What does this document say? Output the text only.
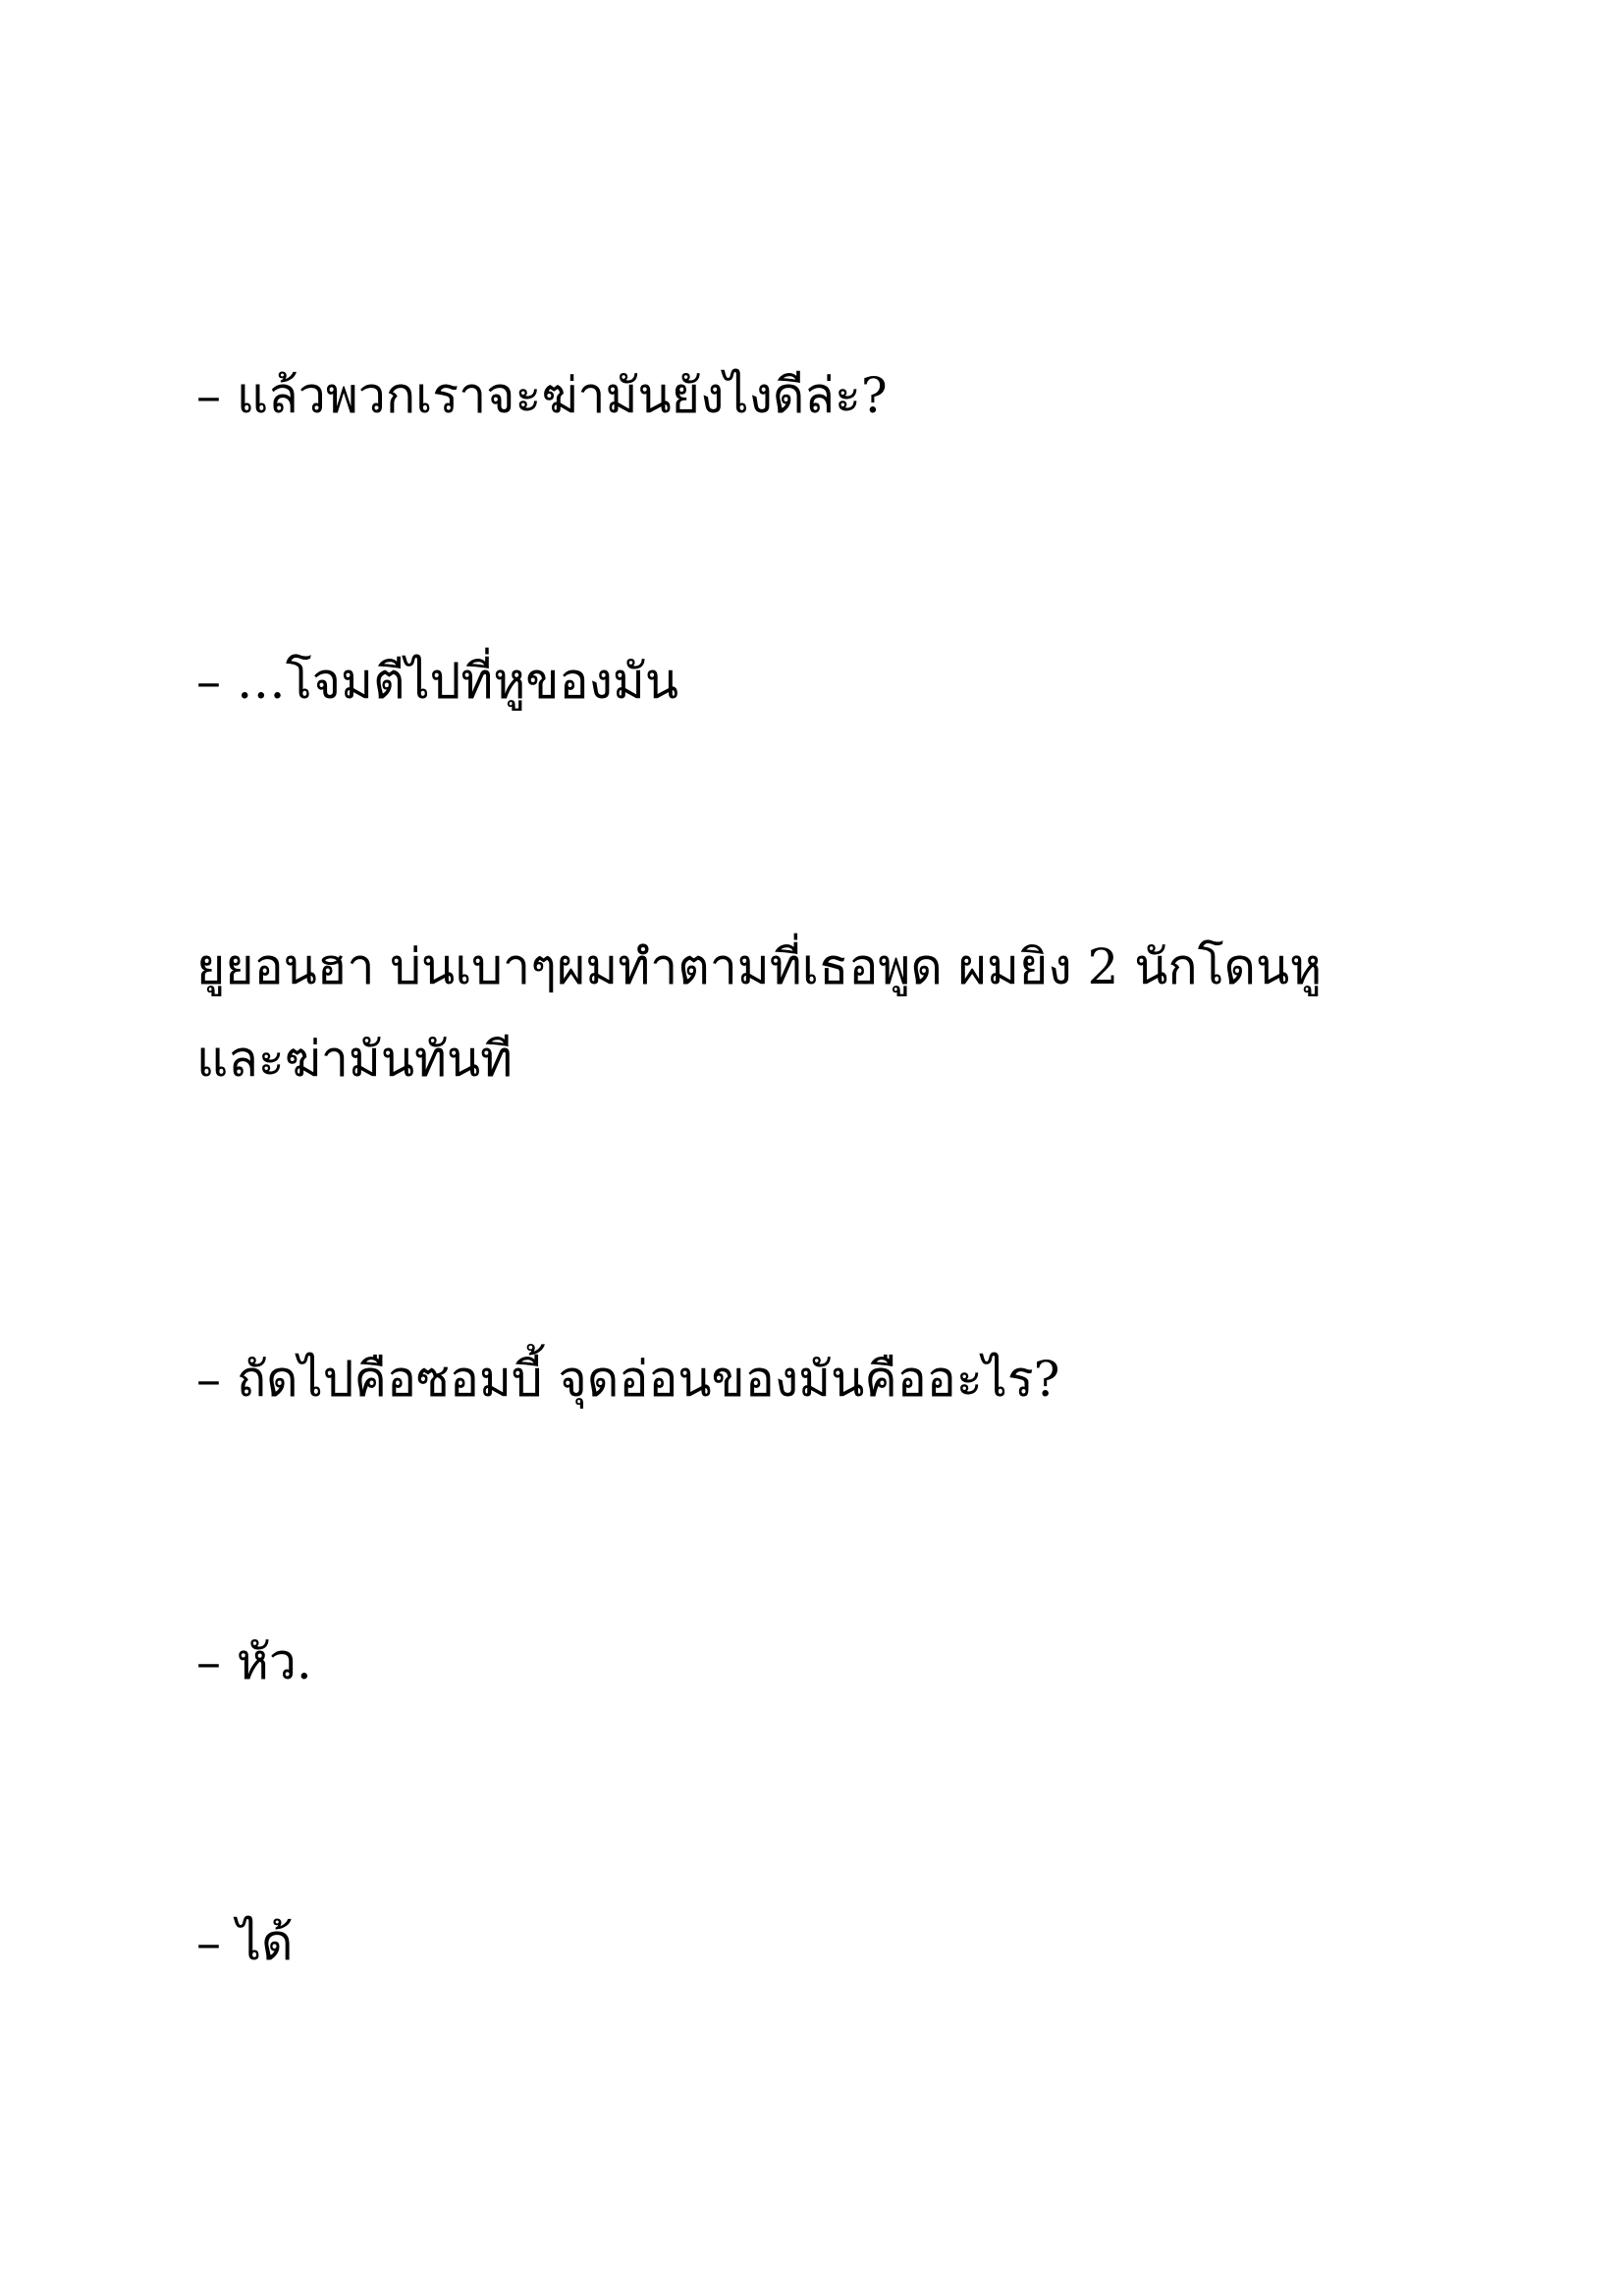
– แล้วพวกเราจะฆ่ามันยังไงดีล่ะ?
– …โจมตีไปที่หูของมัน
ยูยอนฮา บ่นเบาๆผมทำตามที่เธอพูด ผมยิง 2 นักโดนหู
และฆ่ามันทันที
– ถัดไปคือซอมบี้ จุดอ่อนของมันคืออะไร?
– หัว.
– ได้
